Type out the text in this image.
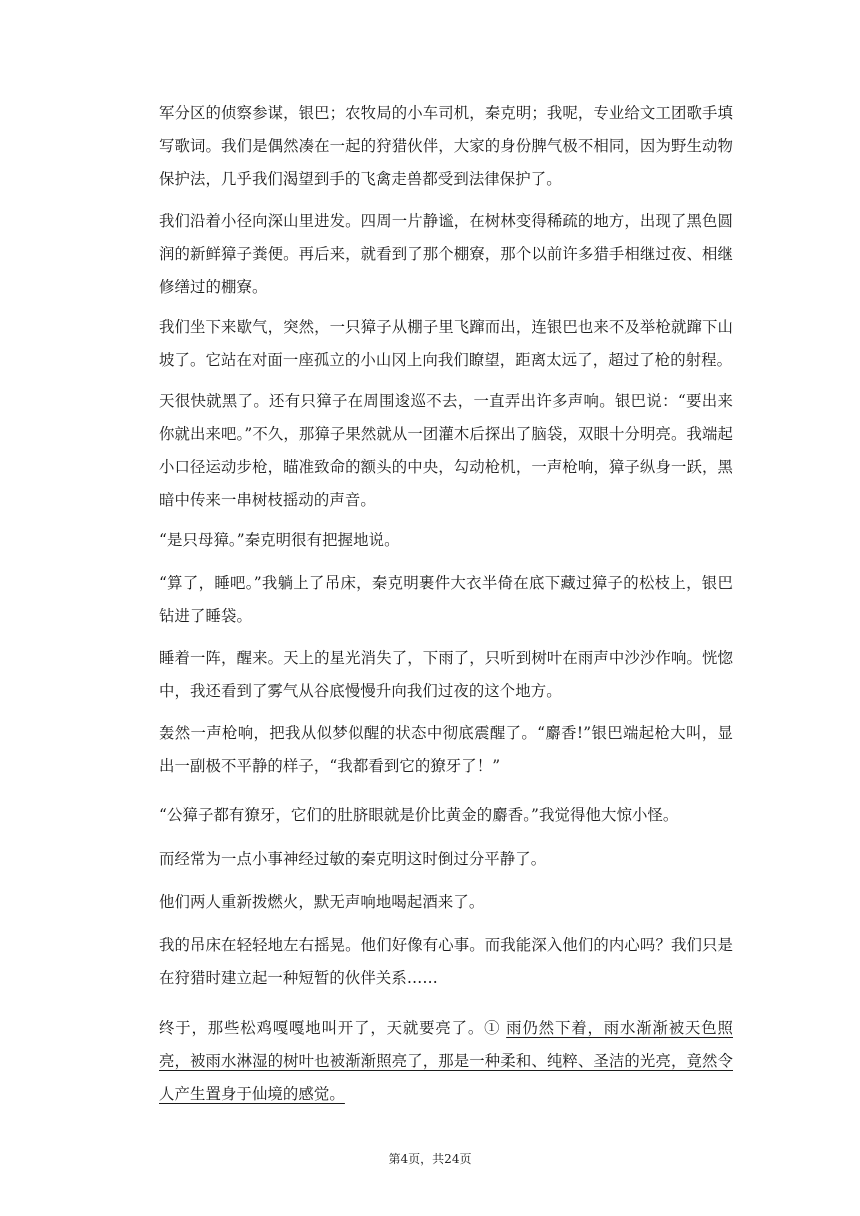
军分区的侦察参谋，银巴；农牧局的小车司机，秦克明；我呢，专业给文工团歌手填写歌词。我们是偶然凑在一起的狩猎伙伴，大家的身份脾气极不相同，因为野生动物保护法，几乎我们渴望到手的飞禽走兽都受到法律保护了。

我们沿着小径向深山里进发。四周一片静谧，在树林变得稀疏的地方，出现了黑色圆润的新鲜獐子粪便。再后来，就看到了那个棚寮，那个以前许多猎手相继过夜、相继修缮过的棚寮。

我们坐下来歇气，突然，一只獐子从棚子里飞蹿而出，连银巴也来不及举枪就蹿下山坡了。它站在对面一座孤立的小山冈上向我们瞭望，距离太远了，超过了枪的射程。

天很快就黑了。还有只獐子在周围逡巡不去，一直弄出许多声响。银巴说：“要出来你就出来吧。”不久，那獐子果然就从一团灌木后探出了脑袋，双眼十分明亮。我端起小口径运动步枪，瞄准致命的额头的中央，勾动枪机，一声枪响，獐子纵身一跃，黑暗中传来一串树枝摇动的声音。

“是只母獐。”秦克明很有把握地说。

“算了，睡吧。”我躺上了吊床，秦克明裹件大衣半倚在底下藏过獐子的松枝上，银巴钻进了睡袋。

睡着一阵，醒来。天上的星光消失了，下雨了，只听到树叶在雨声中沙沙作响。恍惚中，我还看到了雾气从谷底慢慢升向我们过夜的这个地方。

轰然一声枪响，把我从似梦似醒的状态中彻底震醒了。“麝香!”银巴端起枪大叫，显出一副极不平静的样子，“我都看到它的獠牙了！”

“公獐子都有獠牙，它们的肚脐眼就是价比黄金的麝香。”我觉得他大惊小怪。

而经常为一点小事神经过敏的秦克明这时倒过分平静了。

他们两人重新拨燃火，默无声响地喝起酒来了。

我的吊床在轻轻地左右摇晃。他们好像有心事。而我能深入他们的内心吗？我们只是在狩猎时建立起一种短暂的伙伴关系……

终于，那些松鸡嘎嘎地叫开了，天就要亮了。① 雨仍然下着，雨水渐渐被天色照亮，被雨水淋湿的树叶也被渐渐照亮了，那是一种柔和、纯粹、圣洁的光亮，竟然令人产生置身于仙境的感觉。

第4页，共24页
